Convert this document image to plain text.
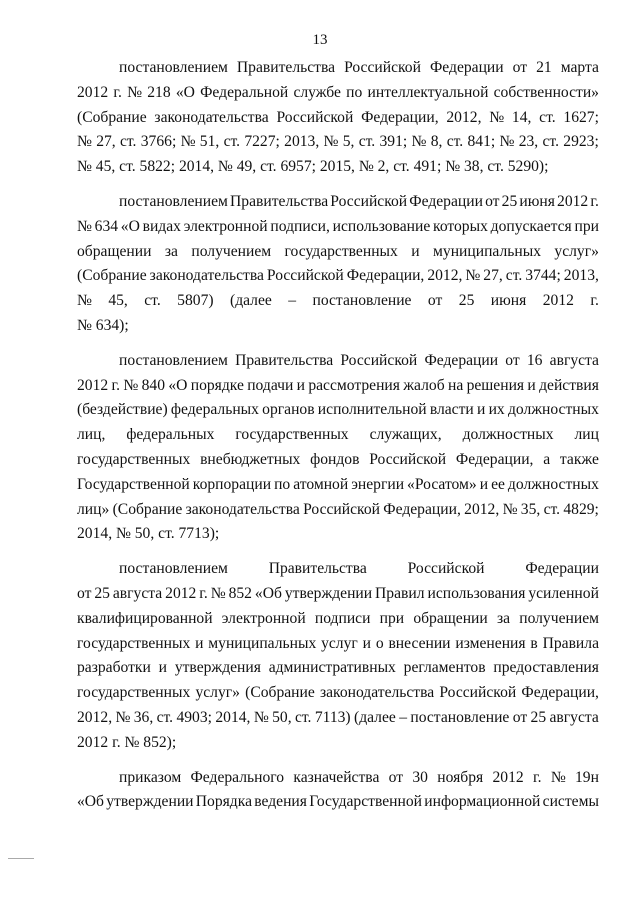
13
постановлением Правительства Российской Федерации от 21 марта
2012 г. № 218 «О Федеральной службе по интеллектуальной собственности»
(Собрание законодательства Российской Федерации, 2012, № 14, ст. 1627;
№ 27, ст. 3766; № 51, ст. 7227; 2013, № 5, ст. 391; № 8, ст. 841; № 23, ст. 2923;
№ 45, ст. 5822; 2014, № 49, ст. 6957; 2015, № 2, ст. 491; № 38, ст. 5290);
постановлением Правительства Российской Федерации от 25 июня 2012 г.
№ 634 «О видах электронной подписи, использование которых допускается при
обращении за получением государственных и муниципальных услуг»
(Собрание законодательства Российской Федерации, 2012, № 27, ст. 3744; 2013,
№ 45, ст. 5807) (далее – постановление от 25 июня 2012 г.
№ 634);
постановлением Правительства Российской Федерации от 16 августа
2012 г. № 840 «О порядке подачи и рассмотрения жалоб на решения и действия
(бездействие) федеральных органов исполнительной власти и их должностных
лиц, федеральных государственных служащих, должностных лиц
государственных внебюджетных фондов Российской Федерации, а также
Государственной корпорации по атомной энергии «Росатом» и ее должностных
лиц» (Собрание законодательства Российской Федерации, 2012, № 35, ст. 4829;
2014, № 50, ст. 7713);
постановлением	Правительства	Российской	Федерации
от 25 августа 2012 г. № 852 «Об утверждении Правил использования усиленной
квалифицированной электронной подписи при обращении за получением
государственных и муниципальных услуг и о внесении изменения в Правила
разработки и утверждения административных регламентов предоставления
государственных услуг» (Собрание законодательства Российской Федерации,
2012, № 36, ст. 4903; 2014, № 50, ст. 7113) (далее – постановление от 25 августа
2012 г. № 852);
приказом Федерального казначейства от 30 ноября 2012 г. № 19н
«Об утверждении Порядка ведения Государственной информационной системы
